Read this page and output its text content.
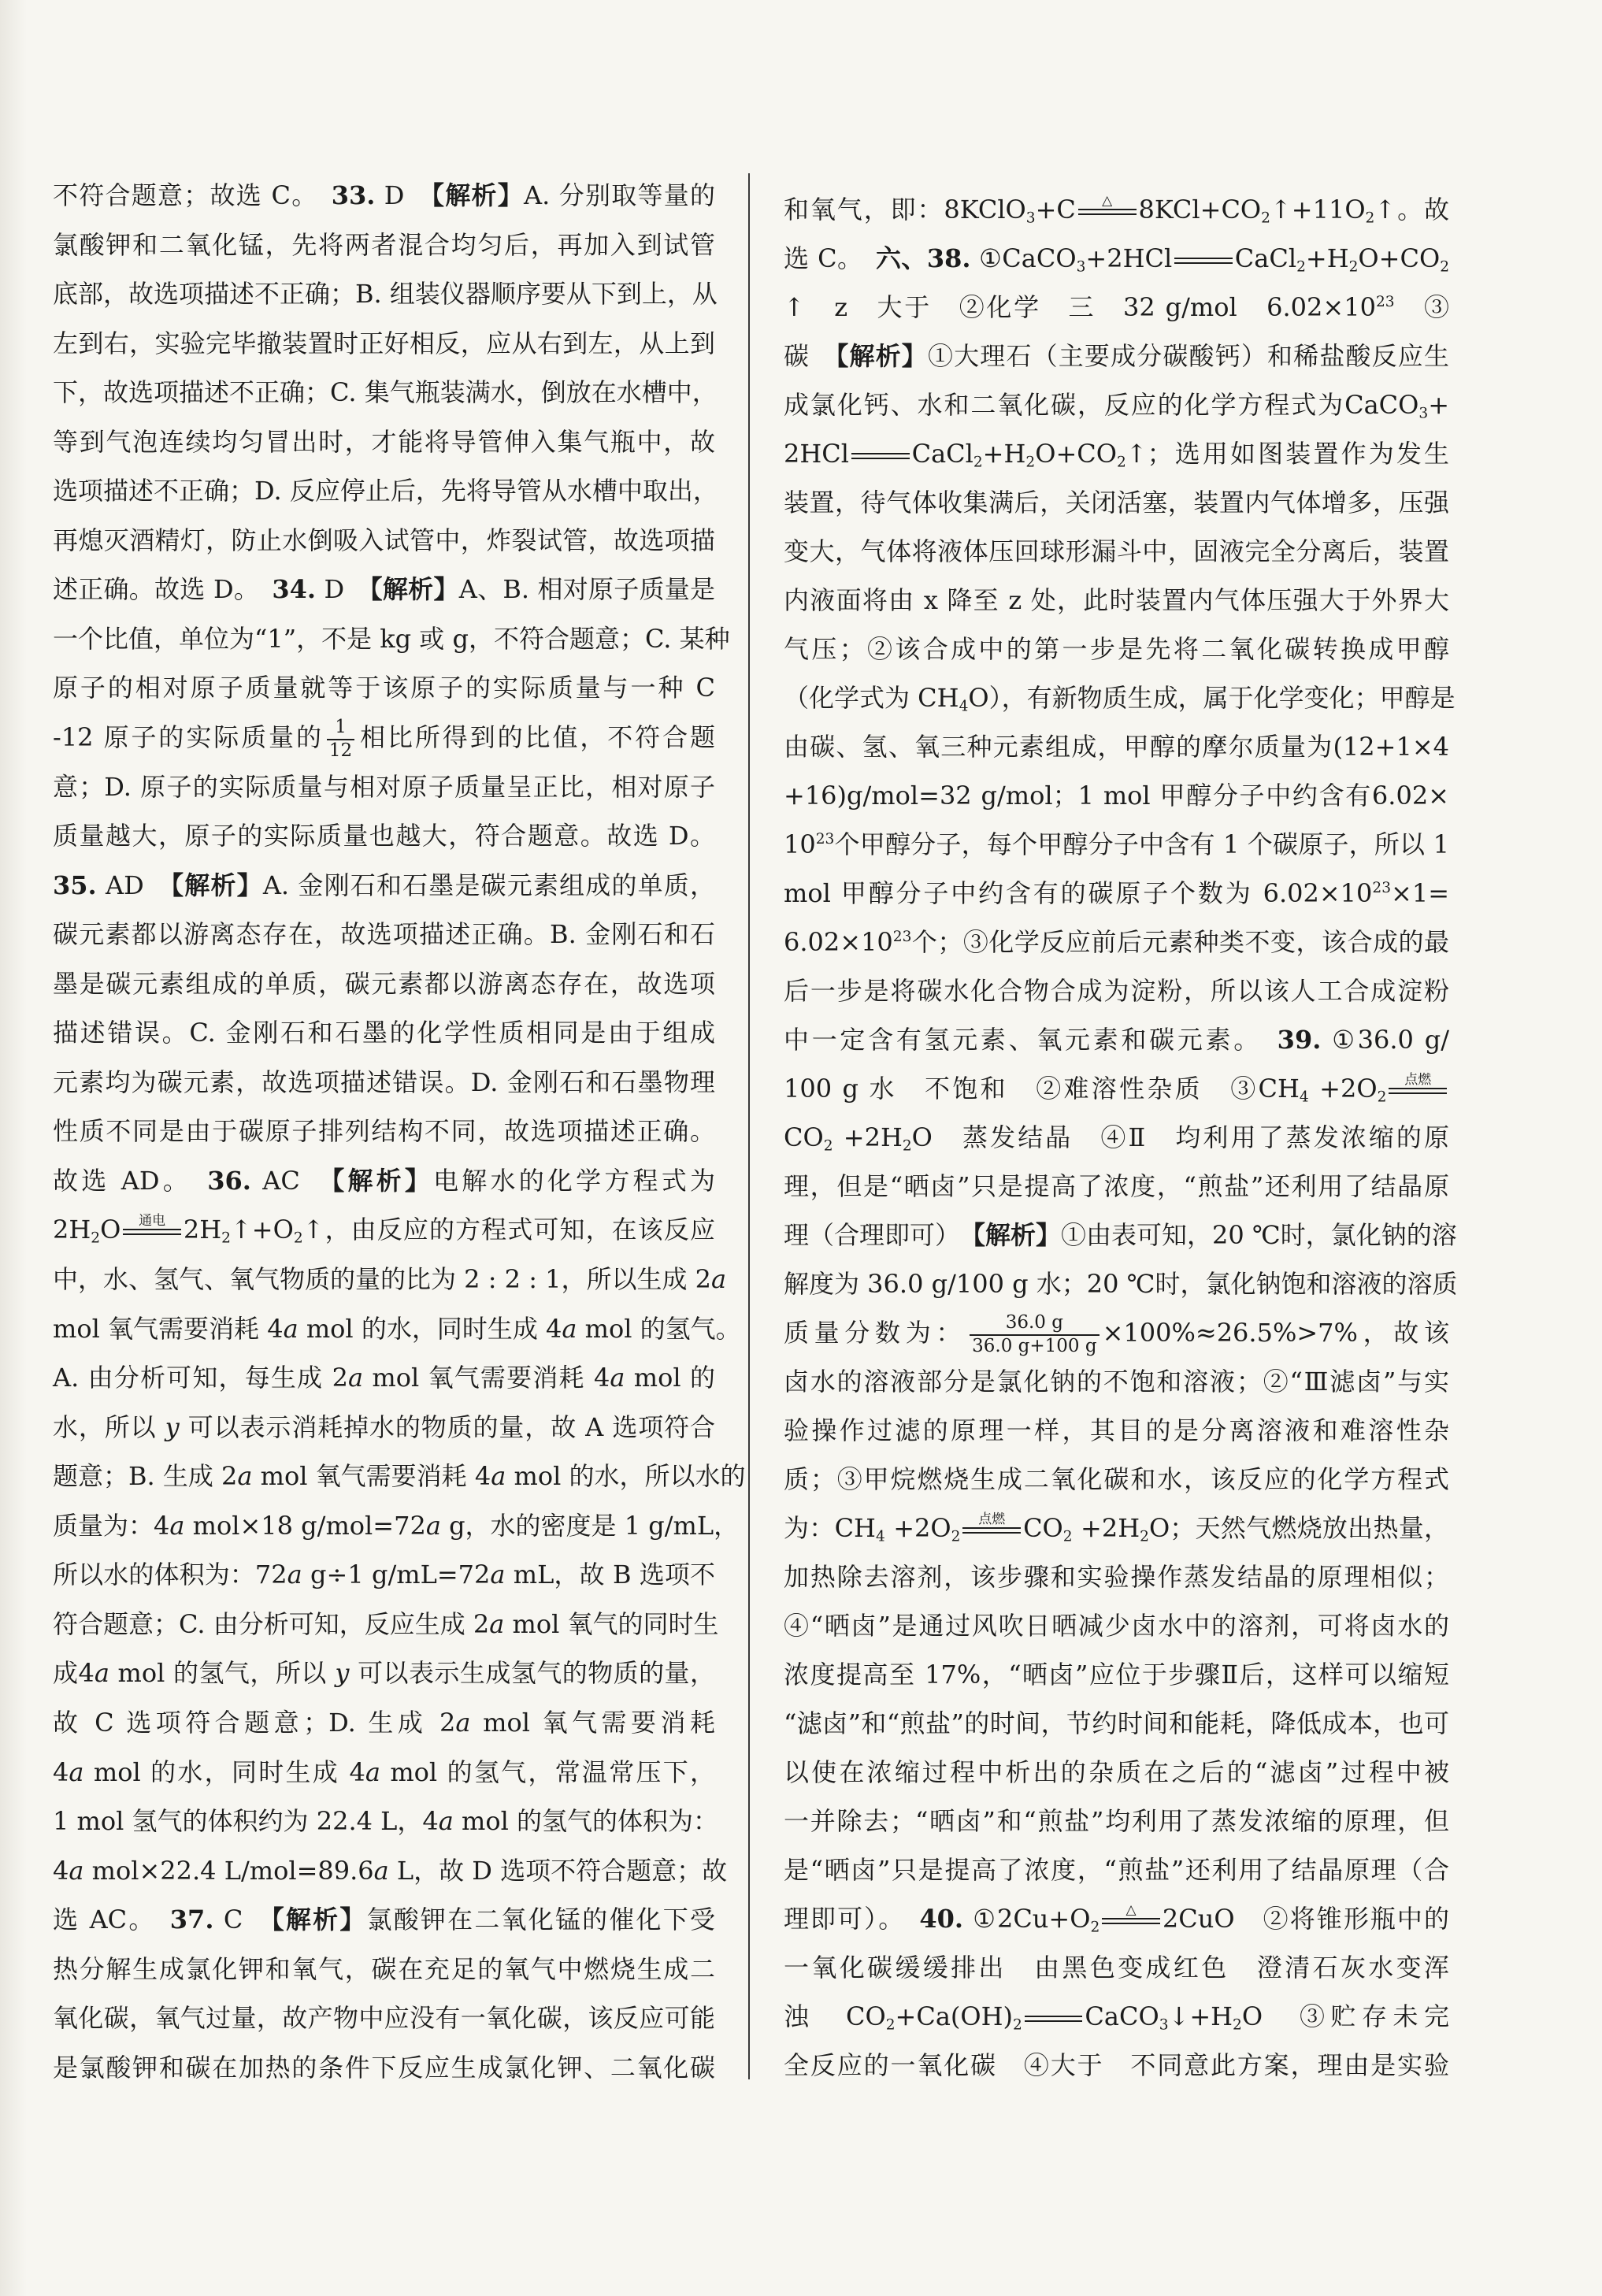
不符合题意；故选 C。　33. D　【解析】A. 分别取等量的
氯酸钾和二氧化锰，先将两者混合均匀后，再加入到试管
底部，故选项描述不正确；B. 组装仪器顺序要从下到上，从
左到右，实验完毕撤装置时正好相反，应从右到左，从上到
下，故选项描述不正确；C. 集气瓶装满水，倒放在水槽中，
等到气泡连续均匀冒出时，才能将导管伸入集气瓶中，故
选项描述不正确；D. 反应停止后，先将导管从水槽中取出，
再熄灭酒精灯，防止水倒吸入试管中，炸裂试管，故选项描
述正确。故选 D。　34. D　【解析】A、B. 相对原子质量是
一个比值，单位为“1”，不是 kg 或 g，不符合题意；C. 某种
原子的相对原子质量就等于该原子的实际质量与一种 C
-12 原子的实际质量的 $\frac{1}{12}$ 相比所得到的比值，不符合题
意；D. 原子的实际质量与相对原子质量呈正比，相对原子
质量越大，原子的实际质量也越大，符合题意。故选 D。
35. AD　【解析】A. 金刚石和石墨是碳元素组成的单质，
碳元素都以游离态存在，故选项描述正确。B. 金刚石和石
墨是碳元素组成的单质，碳元素都以游离态存在，故选项
描述错误。C. 金刚石和石墨的化学性质相同是由于组成
元素均为碳元素，故选项描述错误。D. 金刚石和石墨物理
性质不同是由于碳原子排列结构不同，故选项描述正确。
故选 AD。　36. AC　【解析】电解水的化学方程式为
$2H_2O$	通电 $2H_2↑+O_2↑$，由反应的方程式可知，在该反应
中，水、氢气、氧气物质的量的比为 2 : 2 : 1，所以生成 2a
mol 氧气需要消耗 4a mol 的水，同时生成 4a mol 的氢气。
A. 由分析可知，每生成 2a mol 氧气需要消耗 4a mol 的
水，所以 y 可以表示消耗掉水的物质的量，故 A 选项符合
题意；B. 生成 2a mol 氧气需要消耗 4a mol 的水，所以水的
质量为：4a mol×18 g/mol=72a g，水的密度是 1 g/mL，
所以水的体积为：72a g÷1 g/mL=72a mL，故 B 选项不
符合题意；C. 由分析可知，反应生成 2a mol 氧气的同时生
成4a mol 的氢气，所以 y 可以表示生成氢气的物质的量，
故 C 选项符合题意；D. 生成 2a mol 氧气需要消耗
4a mol 的水，同时生成 4a mol 的氢气，常温常压下，
1 mol 氢气的体积约为 22.4 L，4a mol 的氢气的体积为：
4a mol×22.4 L/mol=89.6a L，故 D 选项不符合题意；故
选 AC。　37. C　【解析】氯酸钾在二氧化锰的催化下受
热分解生成氯化钾和氧气，碳在充足的氧气中燃烧生成二
氧化碳，氧气过量，故产物中应没有一氧化碳，该反应可能
是氯酸钾和碳在加热的条件下反应生成氯化钾、二氧化碳
和氧气，即：8KClO$_3$+C	△	$8KCl+CO_2↑+11O_2↑$。故
选 C。　六、38. ①CaCO$_3$+2HCl $CaCl_2+H_2O+CO_2$
↑　z　大于　②化学　三　32 g/mol　$6.02\times 10^{23}$　③
碳　【解析】①大理石（主要成分碳酸钙）和稀盐酸反应生
成氯化钙、水和二氧化碳，反应的化学方程式为CaCO$_3$+
2HCl $CaCl_2+H_2O+CO_2↑$；选用如图装置作为发生
装置，待气体收集满后，关闭活塞，装置内气体增多，压强
变大，气体将液体压回球形漏斗中，固液完全分离后，装置
内液面将由 x 降至 z 处，此时装置内气体压强大于外界大
气压；②该合成中的第一步是先将二氧化碳转换成甲醇
（化学式为 $CH_4O$），有新物质生成，属于化学变化；甲醇是
由碳、氢、氧三种元素组成，甲醇的摩尔质量为(12+1×4
+16)g/mol=32 g/mol；1 mol 甲醇分子中约含有6.02×
$10^{23}$个甲醇分子，每个甲醇分子中含有 1 个碳原子，所以 1
mol 甲醇分子中约含有的碳原子个数为 $6.02\times 10^{23}\times 1=$
$6.02\times 10^{23}$个；③化学反应前后元素种类不变，该合成的最
后一步是将碳水化合物合成为淀粉，所以该人工合成淀粉
中一定含有氢元素、氧元素和碳元素。　39. ①36.0 g/
100 g 水　不饱和　②难溶性杂质　$③CH_4 +2O_2$
点燃
$CO_2 +2H_2O$　蒸发结晶　④Ⅱ　均利用了蒸发浓缩的原
理，但是“晒卤”只是提高了浓度，“煎盐”还利用了结晶原
理（合理即可）　【解析】①由表可知，20 ℃时，氯化钠的溶
解度为 36.0 g/100 g 水；20 ℃时，氯化钠饱和溶液的溶质
质量分数为： $\frac{36.0 g}{36.0 g+100 g} \times 100\%\approx 26.5\%>7\%$，故该
卤水的溶液部分是氯化钠的不饱和溶液；②“Ⅲ滤卤”与实
验操作过滤的原理一样，其目的是分离溶液和难溶性杂
质；③甲烷燃烧生成二氧化碳和水，该反应的化学方程式
为：$CH_4 +2O_2$
点燃 $CO_2 +2H_2O$；天然气燃烧放出热量，
加热除去溶剂，该步骤和实验操作蒸发结晶的原理相似；
④“晒卤”是通过风吹日晒减少卤水中的溶剂，可将卤水的
浓度提高至 17%，“晒卤”应位于步骤Ⅱ后，这样可以缩短
“滤卤”和“煎盐”的时间，节约时间和能耗，降低成本，也可
以使在浓缩过程中析出的杂质在之后的“滤卤”过程中被
一并除去；“晒卤”和“煎盐”均利用了蒸发浓缩的原理，但
是“晒卤”只是提高了浓度，“煎盐”还利用了结晶原理（合
理即可）。　40. $①2Cu+O_2$
△	2CuO　②将锥形瓶中的
一氧化碳缓缓排出　由黑色变成红色　澄清石灰水变浑
浊　$CO_2+Ca(OH)_2$ $CaCO_3↓+H_2O$　③贮存未完
全反应的一氧化碳　④大于　不同意此方案，理由是实验
